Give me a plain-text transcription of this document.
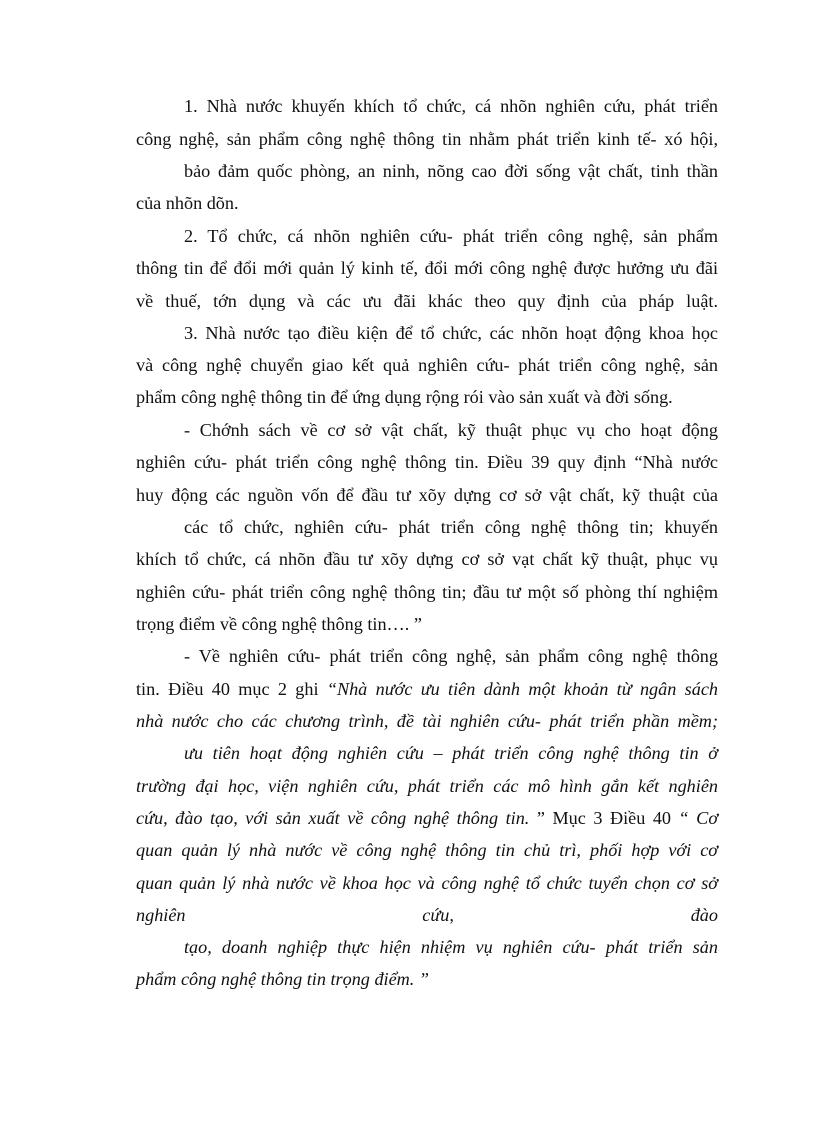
1. Nhà nước khuyến khích tổ chức, cá nhõn nghiên cứu, phát triển

công nghệ, sản phẩm công nghệ thông tin nhằm phát triển kinh tế- xó hội,

bảo đảm quốc phòng, an ninh, nõng cao đời sống vật chất, tinh thần

của nhõn dõn.

2. Tổ chức, cá nhõn nghiên cứu- phát triển công nghệ, sản phẩm

thông tin để đổi mới quản lý kinh tế, đổi mới công nghệ được hưởng ưu đãi

về thuế, tớn dụng và các ưu đãi khác theo quy định của pháp luật.

3. Nhà nước tạo điều kiện để tổ chức, các nhõn hoạt động khoa học

và công nghệ chuyển giao kết quả nghiên cứu- phát triển công nghệ, sản

phẩm công nghệ thông tin để ứng dụng rộng rói vào sản xuất và đời sống.

- Chớnh sách về cơ sở vật chất, kỹ thuật phục vụ cho hoạt động

nghiên cứu- phát triển công nghệ thông tin. Điều 39 quy định “Nhà nước

huy động các nguồn vốn để đầu tư xõy dựng cơ sở vật chất, kỹ thuật của

các tổ chức, nghiên cứu- phát triển công nghệ thông tin; khuyến

khích tổ chức, cá nhõn đầu tư xõy dựng cơ sở vạt chất kỹ thuật, phục vụ

nghiên cứu- phát triển công nghệ thông tin; đầu tư một số phòng thí nghiệm

trọng điểm về công nghệ thông tin…. ”

- Về nghiên cứu- phát triển công nghệ, sản phẩm công nghệ thông

tin. Điều 40 mục 2 ghi “Nhà nước ưu tiên dành một khoản từ ngân sách

nhà nước cho các chương trình, đề tài nghiên cứu- phát triển phần mềm;

ưu tiên hoạt động nghiên cứu – phát triển công nghệ thông tin ở

trường đại học, viện nghiên cứu, phát triển các mô hình gắn kết nghiên

cứu, đào tạo, với sản xuất về công nghệ thông tin. ” Mục 3 Điều 40 “ Cơ

quan quản lý nhà nước về công nghệ thông tin chủ trì, phối hợp với cơ

quan quản lý nhà nước về khoa học và công nghệ tổ chức tuyển chọn cơ sở

nghiên cứu, đào

tạo, doanh nghiệp thực hiện nhiệm vụ nghiên cứu- phát triển sản

phẩm công nghệ thông tin trọng điểm. ”
